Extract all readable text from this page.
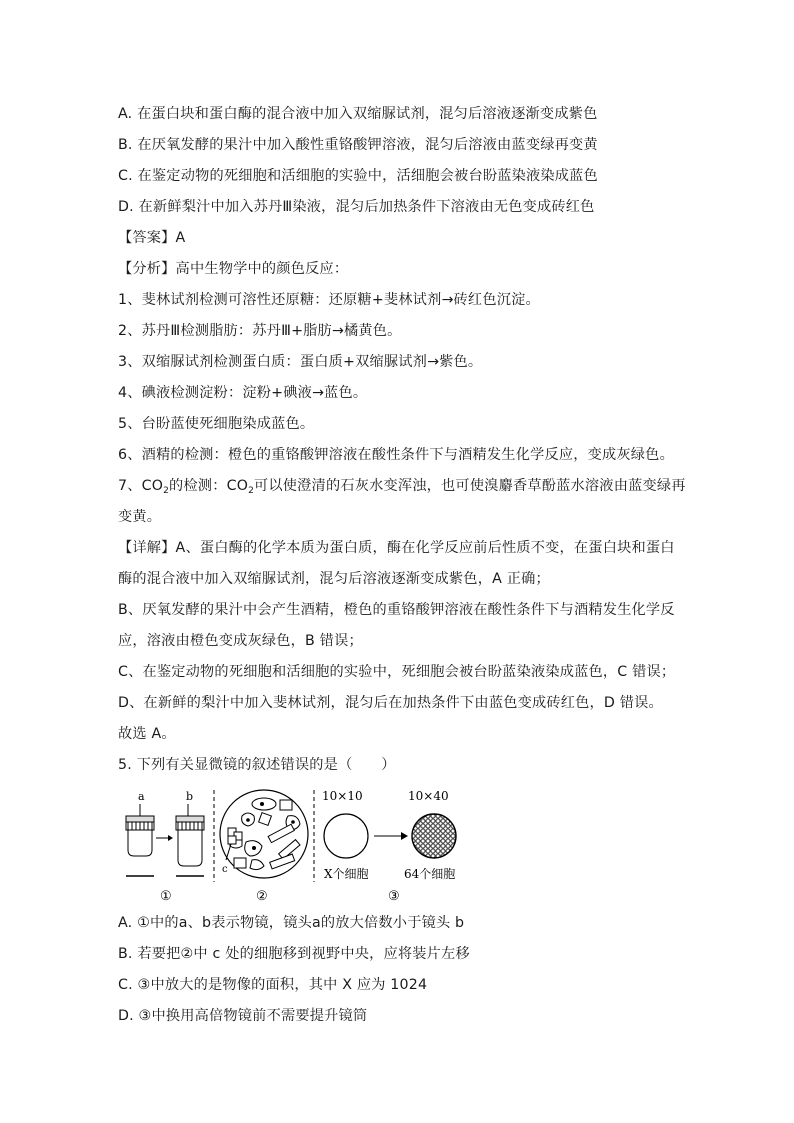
A. 在蛋白块和蛋白酶的混合液中加入双缩脲试剂，混匀后溶液逐渐变成紫色
B. 在厌氧发酵的果汁中加入酸性重铬酸钾溶液，混匀后溶液由蓝变绿再变黄
C. 在鉴定动物的死细胞和活细胞的实验中，活细胞会被台盼蓝染液染成蓝色
D. 在新鲜梨汁中加入苏丹Ⅲ染液，混匀后加热条件下溶液由无色变成砖红色
【答案】A
【分析】高中生物学中的颜色反应：
1、斐林试剂检测可溶性还原糖：还原糖+斐林试剂→砖红色沉淀。
2、苏丹Ⅲ检测脂肪：苏丹Ⅲ+脂肪→橘黄色。
3、双缩脲试剂检测蛋白质：蛋白质+双缩脲试剂→紫色。
4、碘液检测淀粉：淀粉+碘液→蓝色。
5、台盼蓝使死细胞染成蓝色。
6、酒精的检测：橙色的重铬酸钾溶液在酸性条件下与酒精发生化学反应，变成灰绿色。
7、$CO_2$的检测：$CO_2$可以使澄清的石灰水变浑浊，也可使溴麝香草酚蓝水溶液由蓝变绿再
变黄。
【详解】A、蛋白酶的化学本质为蛋白质，酶在化学反应前后性质不变，在蛋白块和蛋白
酶的混合液中加入双缩脲试剂，混匀后溶液逐渐变成紫色，A 正确；
B、厌氧发酵的果汁中会产生酒精，橙色的重铬酸钾溶液在酸性条件下与酒精发生化学反
应，溶液由橙色变成灰绿色，B 错误；
C、在鉴定动物的死细胞和活细胞的实验中，死细胞会被台盼蓝染液染成蓝色，C 错误；
D、在新鲜的梨汁中加入斐林试剂，混匀后在加热条件下由蓝色变成砖红色，D 错误。
故选 A。
5. 下列有关显微镜的叙述错误的是（　　）
a	b
①
c
②
10×10	10×40
X个细胞	64个细胞
③
A. ①中的a、b表示物镜，镜头a的放大倍数小于镜头 b
B. 若要把②中 c 处的细胞移到视野中央，应将装片左移
C. ③中放大的是物像的面积，其中 X 应为 1024
D. ③中换用高倍物镜前不需要提升镜筒
